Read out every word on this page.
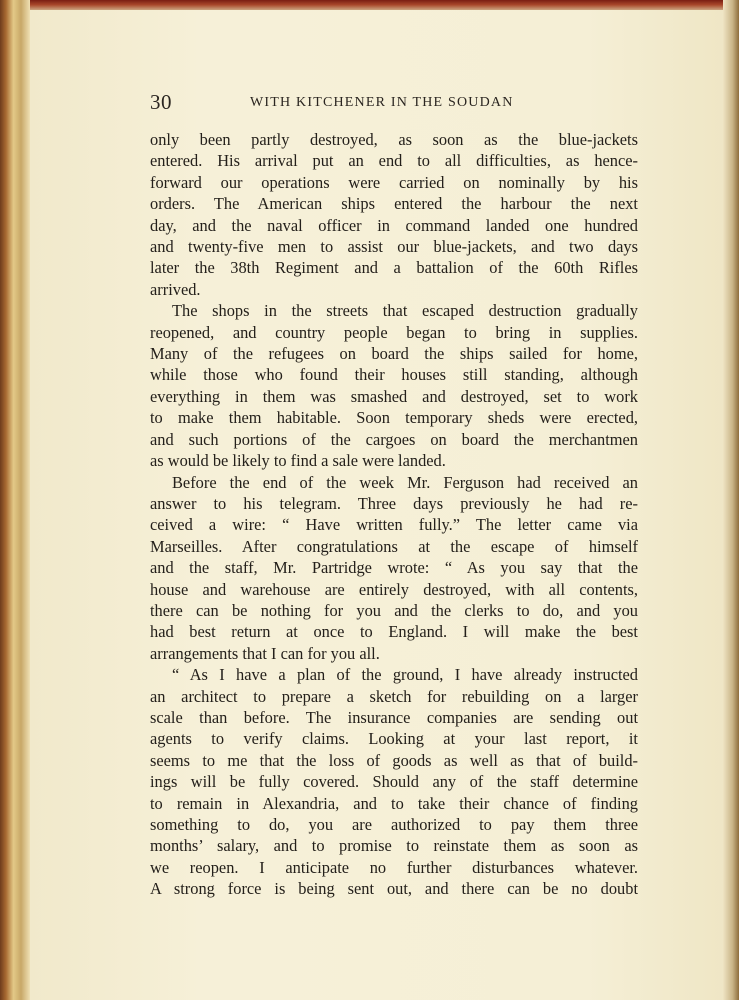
30	WITH KITCHENER IN THE SOUDAN
only been partly destroyed, as soon as the blue-jackets
entered. His arrival put an end to all difficulties, as hence-
forward our operations were carried on nominally by his
orders. The American ships entered the harbour the next
day, and the naval officer in command landed one hundred
and twenty-five men to assist our blue-jackets, and two days
later the 38th Regiment and a battalion of the 60th Rifles
arrived.
The shops in the streets that escaped destruction gradually
reopened, and country people began to bring in supplies.
Many of the refugees on board the ships sailed for home,
while those who found their houses still standing, although
everything in them was smashed and destroyed, set to work
to make them habitable. Soon temporary sheds were erected,
and such portions of the cargoes on board the merchantmen
as would be likely to find a sale were landed.
Before the end of the week Mr. Ferguson had received an
answer to his telegram. Three days previously he had re-
ceived a wire: “ Have written fully.” The letter came via
Marseilles. After congratulations at the escape of himself
and the staff, Mr. Partridge wrote: “ As you say that the
house and warehouse are entirely destroyed, with all contents,
there can be nothing for you and the clerks to do, and you
had best return at once to England. I will make the best
arrangements that I can for you all.
“ As I have a plan of the ground, I have already instructed
an architect to prepare a sketch for rebuilding on a larger
scale than before. The insurance companies are sending out
agents to verify claims. Looking at your last report, it
seems to me that the loss of goods as well as that of build-
ings will be fully covered. Should any of the staff determine
to remain in Alexandria, and to take their chance of finding
something to do, you are authorized to pay them three
months’ salary, and to promise to reinstate them as soon as
we reopen. I anticipate no further disturbances whatever.
A strong force is being sent out, and there can be no doubt
